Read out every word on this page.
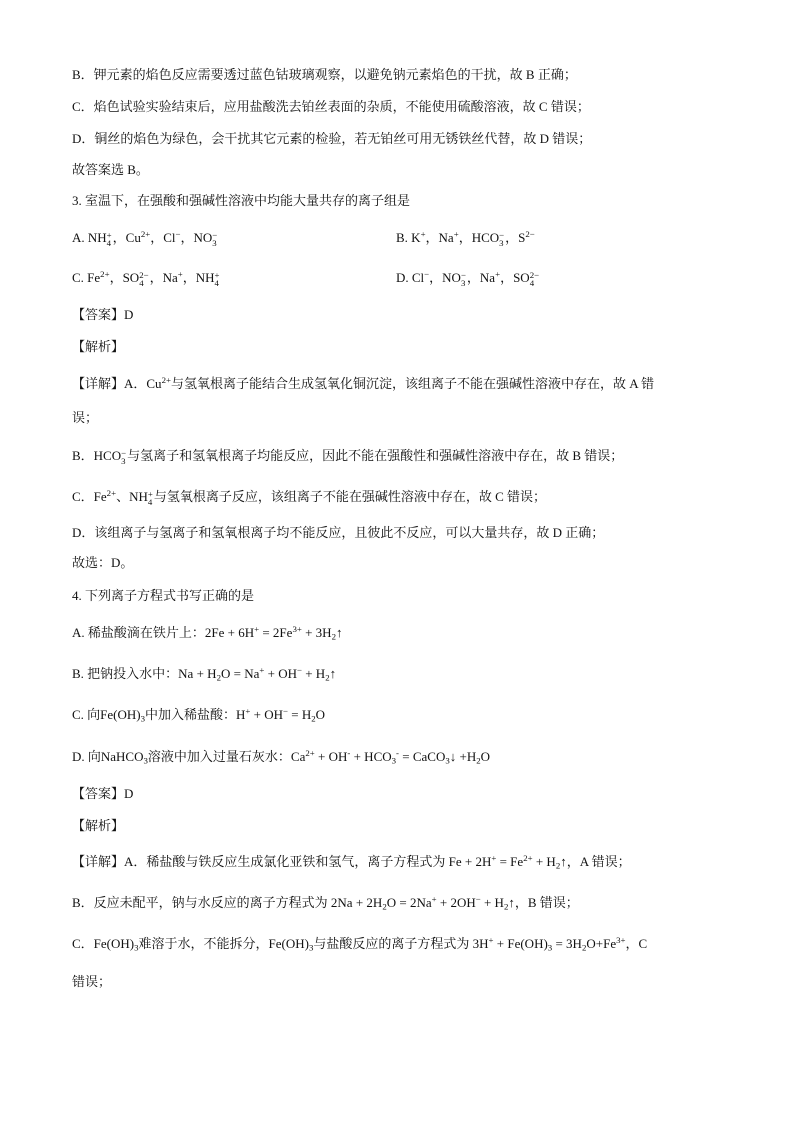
B．钾元素的焰色反应需要透过蓝色钴玻璃观察，以避免钠元素焰色的干扰，故 B 正确；
C．焰色试验实验结束后，应用盐酸洗去铂丝表面的杂质，不能使用硫酸溶液，故 C 错误；
D．铜丝的焰色为绿色，会干扰其它元素的检验，若无铂丝可用无锈铁丝代替，故 D 错误；
故答案选 B。
3. 室温下，在强酸和强碱性溶液中均能大量共存的离子组是
A. NH +
4 ，$Cu^{2+}$，Cl−，NO −
3	B. K+，Na+，HCO −
3 ，$S^{2-}$
C. $Fe^{2+}$，SO 2−
4 ，Na+，NH +
4	D. Cl−，NO −
3 ，Na+，SO 2−
4
【答案】D
【解析】
【详解】A．$Cu^{2+}$与氢氧根离子能结合生成氢氧化铜沉淀，该组离子不能在强碱性溶液中存在，故 A 错
误；
B．HCO −
3 与氢离子和氢氧根离子均能反应，因此不能在强酸性和强碱性溶液中存在，故 B 错误；
C．$Fe^{2+}$、NH +
4 与氢氧根离子反应，该组离子不能在强碱性溶液中存在，故 C 错误；
D．该组离子与氢离子和氢氧根离子均不能反应，且彼此不反应，可以大量共存，故 D 正确；
故选：D。
4. 下列离子方程式书写正确的是
A. 稀盐酸滴在铁片上：$2Fe + 6H^+ = 2Fe^{3+}$ + $3H_2↑$
B. 把钠投入水中：$Na + H_2O = Na^+ + OH^-$ + $H_2↑$
C. 向$Fe(OH)_3$中加入稀盐酸：$H^+ + OH^- = H_2O$
D. 向NaHCO$_3$溶液中加入过量石灰水：$Ca^{2+} + OH^- + HCO_3^-$ = CaCO$_3$↓ $+H_2O$
【答案】D
【解析】
【详解】A．稀盐酸与铁反应生成氯化亚铁和氢气，离子方程式为 $Fe + 2H^+ = Fe^{2+}$ + $H_2↑$，A 错误；
B．反应未配平，钠与水反应的离子方程式为 $2Na + 2H_2O = 2Na^+ + 2OH^-$ + $H_2↑$，B 错误；
C．$Fe(OH)_3$难溶于水，不能拆分，$Fe(OH)_3$与盐酸反应的离子方程式为 $3H^+ + Fe(OH)_3 = 3H_2O+Fe^{3+}$，C
错误；
